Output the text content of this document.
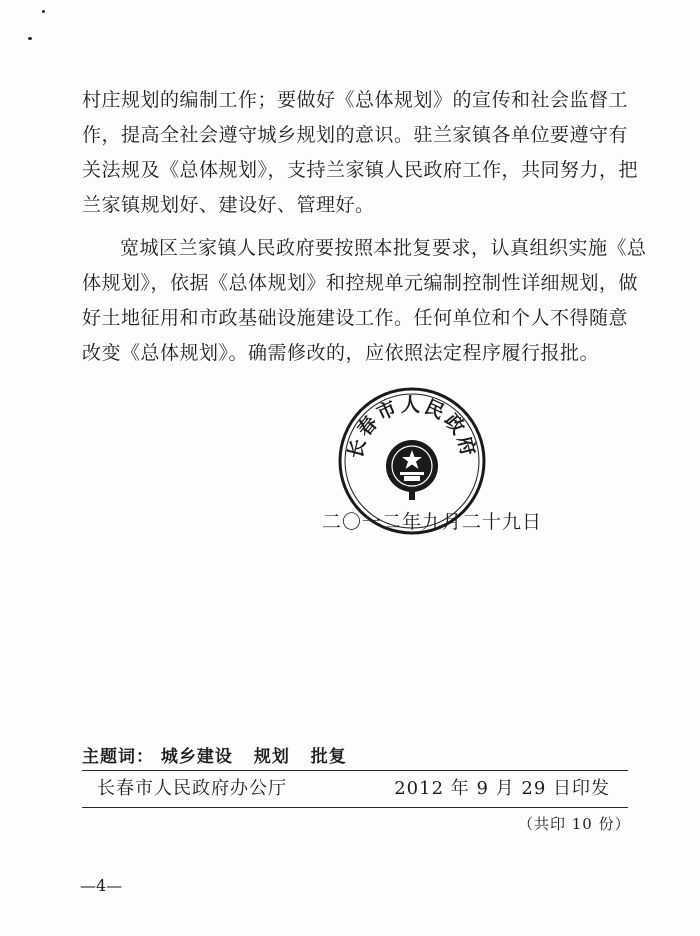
村庄规划的编制工作；要做好《总体规划》的宣传和社会监督工
作，提高全社会遵守城乡规划的意识。驻兰家镇各单位要遵守有
关法规及《总体规划》，支持兰家镇人民政府工作，共同努力，把
兰家镇规划好、建设好、管理好。
宽城区兰家镇人民政府要按照本批复要求，认真组织实施《总
体规划》，依据《总体规划》和控规单元编制控制性详细规划，做
好土地征用和市政基础设施建设工作。任何单位和个人不得随意
改变《总体规划》。确需修改的，应依照法定程序履行报批。
长春市人民政府
二〇一二年九月二十九日
主题词： 城乡建设 规划 批复
长春市人民政府办公厅	2012 年 9 月 29 日印发
（共印 10 份）
—4—
